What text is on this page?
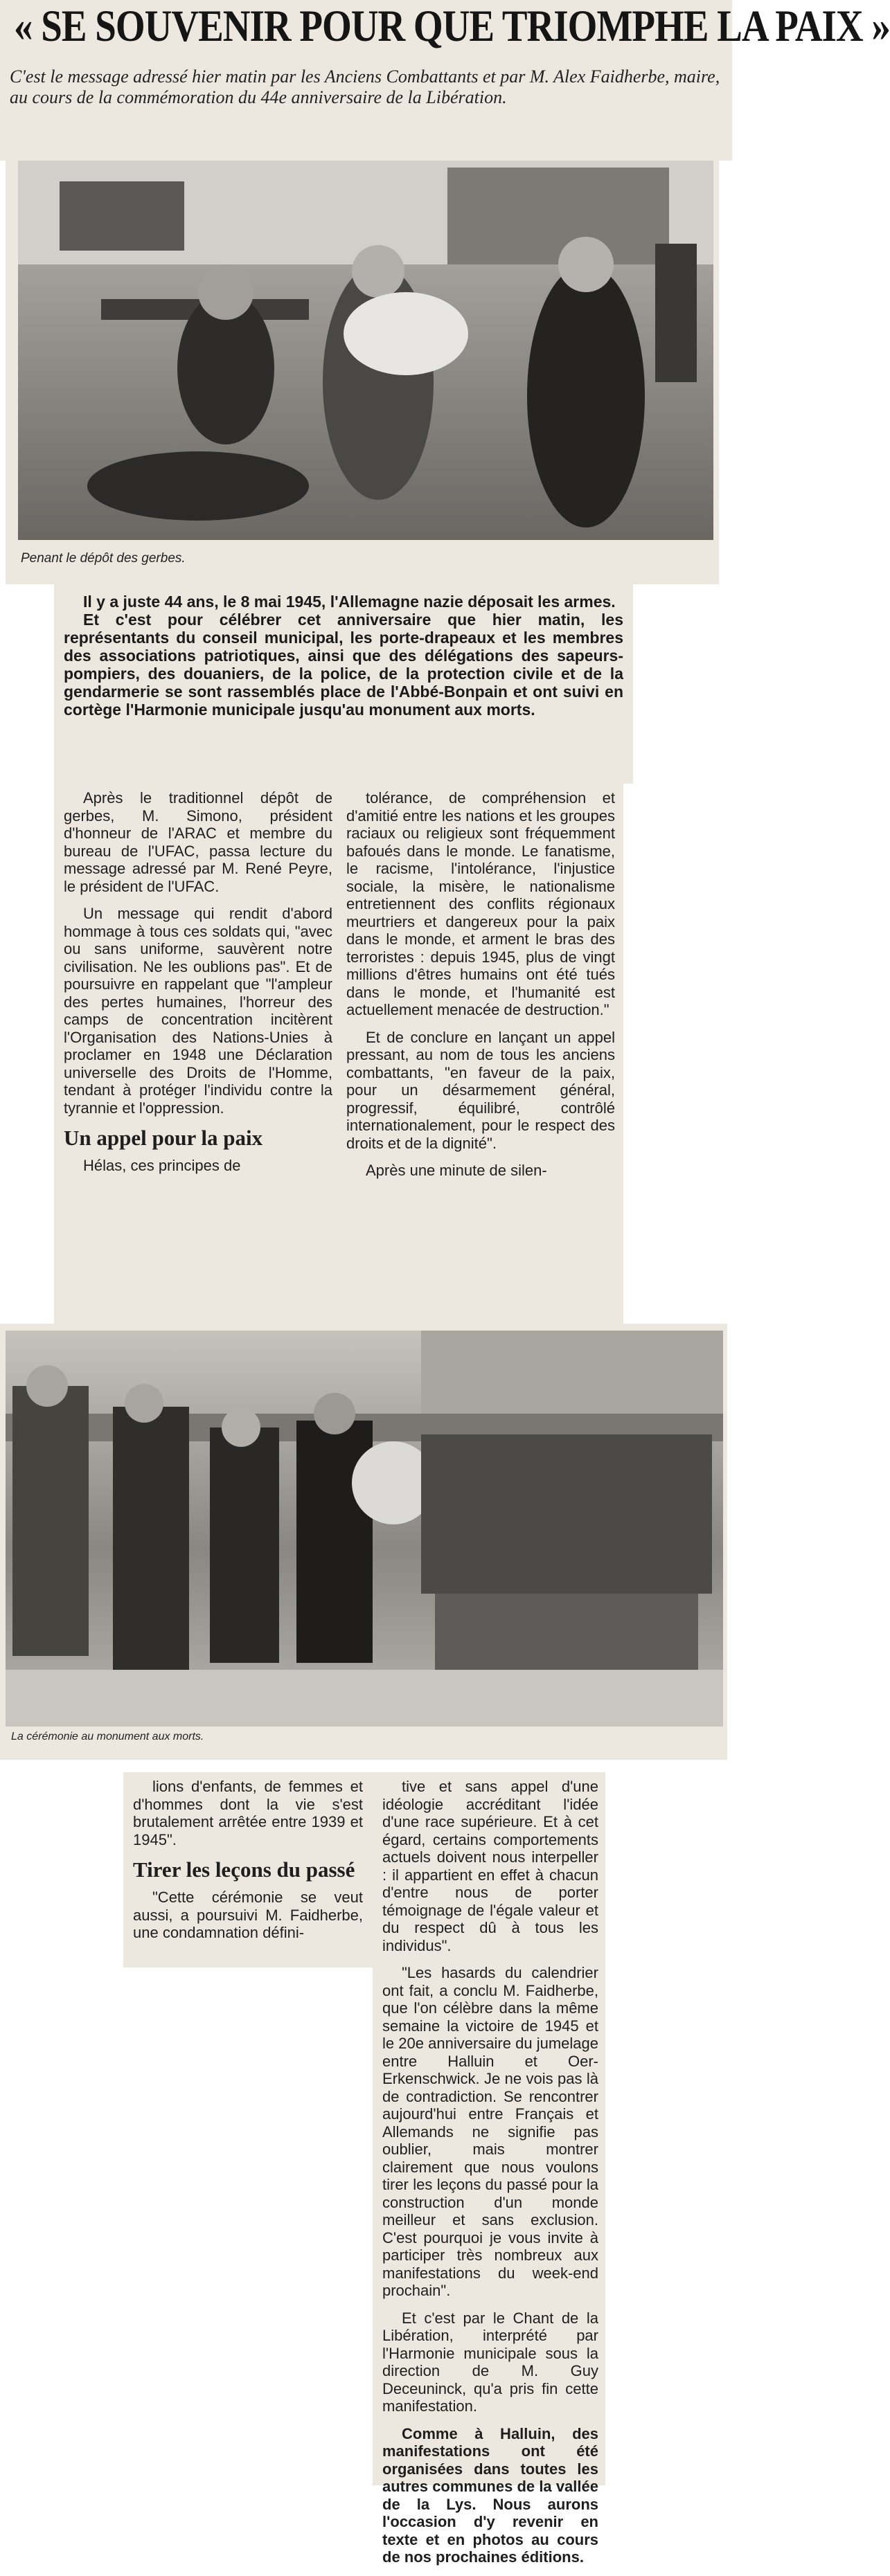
« SE SOUVENIR POUR QUE TRIOMPHE LA PAIX »
C'est le message adressé hier matin par les Anciens Combattants et par M. Alex Faidherbe, maire, au cours de la commémoration du 44e anniversaire de la Libération.
Penant le dépôt des gerbes.

Il y a juste 44 ans, le 8 mai 1945, l'Allemagne nazie déposait les armes.

Et c'est pour célébrer cet anniversaire que hier matin, les représentants du conseil municipal, les porte-drapeaux et les membres des associations patriotiques, ainsi que des délégations des sapeurs-pompiers, des douaniers, de la police, de la protection civile et de la gendarmerie se sont rassemblés place de l'Abbé-Bonpain et ont suivi en cortège l'Harmonie municipale jusqu'au monument aux morts.

Après le traditionnel dépôt de gerbes, M. Simono, président d'honneur de l'ARAC et membre du bureau de l'UFAC, passa lecture du message adressé par M. René Peyre, le président de l'UFAC.

Un message qui rendit d'abord hommage à tous ces soldats qui, "avec ou sans uniforme, sauvèrent notre civilisation. Ne les oublions pas". Et de poursuivre en rappelant que "l'ampleur des pertes humaines, l'horreur des camps de concentration incitèrent l'Organisation des Nations-Unies à proclamer en 1948 une Déclaration universelle des Droits de l'Homme, tendant à protéger l'individu contre la tyrannie et l'oppression.

Un appel pour la paix

Hélas, ces principes de

tolérance, de compréhension et d'amitié entre les nations et les groupes raciaux ou religieux sont fréquemment bafoués dans le monde. Le fanatisme, le racisme, l'intolérance, l'injustice sociale, la misère, le nationalisme entretiennent des conflits régionaux meurtriers et dangereux pour la paix dans le monde, et arment le bras des terroristes : depuis 1945, plus de vingt millions d'êtres humains ont été tués dans le monde, et l'humanité est actuellement menacée de destruction."

Et de conclure en lançant un appel pressant, au nom de tous les anciens combattants, "en faveur de la paix, pour un désarmement général, progressif, équilibré, contrôlé internationalement, pour le respect des droits et de la dignité".

Après une minute de silen-

La cérémonie au monument aux morts.

lions d'enfants, de femmes et d'hommes dont la vie s'est brutalement arrêtée entre 1939 et 1945".

Tirer les leçons du passé

"Cette cérémonie se veut aussi, a poursuivi M. Faidherbe, une condamnation défini-

tive et sans appel d'une idéologie accréditant l'idée d'une race supérieure. Et à cet égard, certains comportements actuels doivent nous interpeller : il appartient en effet à chacun d'entre nous de porter témoignage de l'égale valeur et du respect dû à tous les individus".

"Les hasards du calendrier ont fait, a conclu M. Faidherbe, que l'on célèbre dans la même semaine la victoire de 1945 et le 20e anniversaire du jumelage entre Halluin et Oer-Erkenschwick. Je ne vois pas là de contradiction. Se rencontrer aujourd'hui entre Français et Allemands ne signifie pas oublier, mais montrer clairement que nous voulons tirer les leçons du passé pour la construction d'un monde meilleur et sans exclusion. C'est pourquoi je vous invite à participer très nombreux aux manifestations du week-end prochain".

Et c'est par le Chant de la Libération, interprété par l'Harmonie municipale sous la direction de M. Guy Deceuninck, qu'a pris fin cette manifestation.

Comme à Halluin, des manifestations ont été organisées dans toutes les autres communes de la vallée de la Lys. Nous aurons l'occasion d'y revenir en texte et en photos au cours de nos prochaines éditions.
